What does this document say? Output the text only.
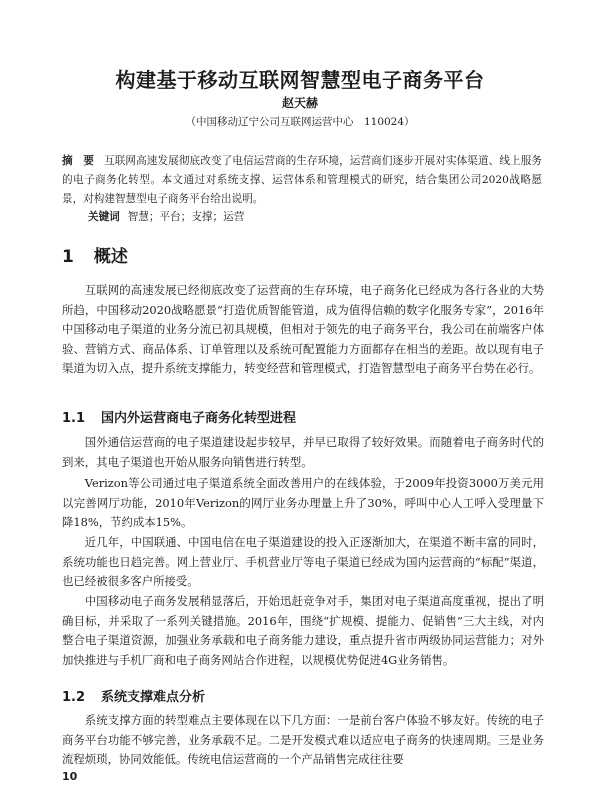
构建基于移动互联网智慧型电子商务平台
赵天赫
（中国移动辽宁公司互联网运营中心　110024）
摘　要 互联网高速发展彻底改变了电信运营商的生存环境，运营商们逐步开展对实体渠道、线上服务的电子商务化转型。本文通过对系统支撑、运营体系和管理模式的研究，结合集团公司2020战略愿景，对构建智慧型电子商务平台给出说明。
关键词 智慧；平台；支撑；运营
1 概述
互联网的高速发展已经彻底改变了运营商的生存环境，电子商务化已经成为各行各业的大势所趋，中国移动2020战略愿景“打造优质智能管道，成为值得信赖的数字化服务专家”，2016年中国移动电子渠道的业务分流已初具规模，但相对于领先的电子商务平台，我公司在前端客户体验、营销方式、商品体系、订单管理以及系统可配置能力方面都存在相当的差距。故以现有电子渠道为切入点，提升系统支撑能力，转变经营和管理模式，打造智慧型电子商务平台势在必行。
1.1 国内外运营商电子商务化转型进程
国外通信运营商的电子渠道建设起步较早，并早已取得了较好效果。而随着电子商务时代的到来，其电子渠道也开始从服务向销售进行转型。
Verizon等公司通过电子渠道系统全面改善用户的在线体验，于2009年投资3000万美元用以完善网厅功能，2010年Verizon的网厅业务办理量上升了30%，呼叫中心人工呼入受理量下降18%，节约成本15%。
近几年，中国联通、中国电信在电子渠道建设的投入正逐渐加大，在渠道不断丰富的同时，系统功能也日趋完善。网上营业厅、手机营业厅等电子渠道已经成为国内运营商的“标配”渠道，也已经被很多客户所接受。
中国移动电子商务发展稍显落后，开始迅赶竞争对手，集团对电子渠道高度重视，提出了明确目标，并采取了一系列关键措施。2016年，围绕“扩规模、提能力、促销售”三大主线，对内整合电子渠道资源，加强业务承载和电子商务能力建设，重点提升省市两级协同运营能力；对外加快推进与手机厂商和电子商务网站合作进程，以规模优势促进4G业务销售。
1.2 系统支撑难点分析
系统支撑方面的转型难点主要体现在以下几方面：一是前台客户体验不够友好。传统的电子商务平台功能不够完善，业务承载不足。二是开发模式难以适应电子商务的快速周期。三是业务流程烦琐，协同效能低。传统电信运营商的一个产品销售完成往往要
10
